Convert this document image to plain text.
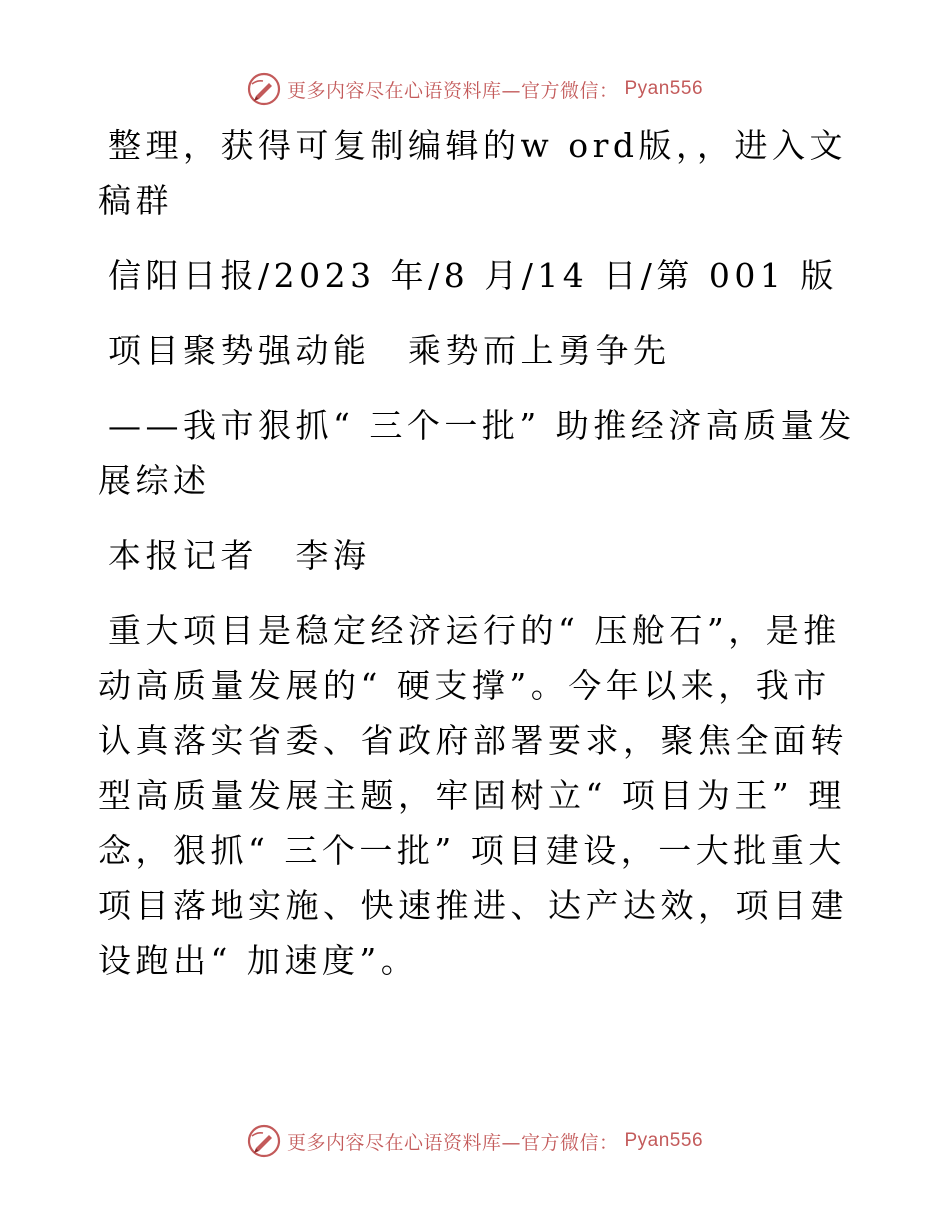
更多内容尽在心语资料库—官方微信： Pyan556

整理，获得可复制编辑的w ord版，，进入文稿群

信阳日报/2023 年/8 月/14 日/第 001 版

项目聚势强动能　乘势而上勇争先

——我市狠抓“ 三个一批” 助推经济高质量发展综述

本报记者　李海

重大项目是稳定经济运行的“ 压舱石”，是推动高质量发展的“ 硬支撑”。今年以来，我市认真落实省委、省政府部署要求，聚焦全面转型高质量发展主题，牢固树立“ 项目为王” 理念，狠抓“ 三个一批” 项目建设，一大批重大项目落地实施、快速推进、达产达效，项目建设跑出“ 加速度”。

更多内容尽在心语资料库—官方微信： Pyan556
